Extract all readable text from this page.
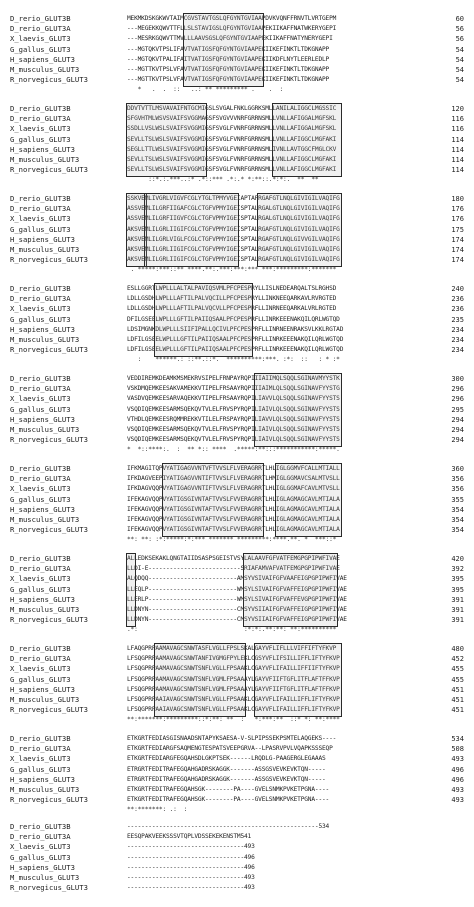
D_rerio_GLUT3B	MEKMKDSKGKWVTAIMCGVSTAVTGSLQFGYNTGVIAAPDVKVQNFFRNVTLVRTGEPM	60
D_rerio_GLUT3A	---MEGEKKQWVTTFLLSLSTAVIGSLQFGYNTGVIAAPEKIIKAFFNATWKERYGEPI	56
X_laevis_GLUT3	---MESRKGQWVTTMVLLLAAVSGSLQFGYNTGVIAAPEKIIKAFFNATYNERYGEPI	56
G_gallus_GLUT3	---MGTQKVTPSLIFAVTVATIGSFQFGYNTGVIAAPEKIIKEFINKTLTDKGNAPP	54
H_sapiens_GLUT3	---MGTQKVTPALIFAITVATIGSFQFGYNTGVIAAPEKIIKDFLNYTLEERLEDLP	54
M_musculus_GLUT3	---MGTTKVTPSLVFAVTVATIGSFQFGYNTGVIAAPEKIIKEFINKTLTDKGNAPP	54
R_norvegicus_GLUT3	---MGTTKVTPSLVFAVTVATIGSFQFGYNTGVIAAPEKIIKEFINKTLTDKGNAPP	54
*   .  .  ::   ..: ** ********* .    .  :
D_rerio_GLUT3B	DDVTVTTLMSVAVAIFNTGCMIGSLSVGALFNKLGGRKSMLLANILALIGGCLMGSSIC	120
D_rerio_GLUT3A	SFGVHTMLWSVSVAIFSVGGMAGSFSVGVVVNRFGRRNSMLLVNLLAFIGGALMGFSKL	116
X_laevis_GLUT3	SSDLLVSLWSLSVAIFSVGGMIGSFSVGLFVNRFGRRNSMLLVNLLAFIGGALMGFSKL	116
G_gallus_GLUT3	SEVLLTSLWSLSVAIFSVGGMIGSFSVGLFVNRFGRRNSMLLVNLLAFIGGCLMGFAKI	114
H_sapiens_GLUT3	SEGLLTTLWSLSVAIFSVGGMIGSFSVGLFVNRFGRRNSMLIVNLLAVTGGCFMGLCKV	114
M_musculus_GLUT3	SEVLLTSLWSLSVAIFSVGGMIGSFSVGLFVNRFGRRNSMLLVNLLAFIGGCLMGFAKI	114
R_norvegicus_GLUT3	SEVLLTSLWSLSVAIFSVGGMIGSFSVGLFVNRFGRRNSMLLVNLLAFIGGCLMGFAKI	114
::*.:.***..:* .*::*** .*:.* *:**::.*:*:.  **  **
D_rerio_GLUT3B	SSKVEMLIVGRLVIGVFCGLYTGLTPMYVGEIAPTAPRGAFGTLNQLGIVIGILVAQIFG	180
D_rerio_GLUT3A	ASSVEMLILGRFIIGAFCGLCTGFVPMYIGEISPTALRGALGTLNQLGIVIGILVAQIFG	176
X_laevis_GLUT3	ASSVEMLILGRFIIGVFCGLCTGFVPMYIGEISPTALRGALGTLNQLGIVIGILVAQIFG	176
G_gallus_GLUT3	AKSVEMLILGRLIIGIFCGLCTGFVPMYIGEISPTALRGAFGTLNQLGIVIGILVAQIFG	175
H_sapiens_GLUT3	AKSVEMLILGRLVIGLFCGLCTGFVPMYIGEISPTALRGAFGTLNQLGIVVGILVAQIFG	174
M_musculus_GLUT3	AKSVEMLILGRLIIGIFCGLCTGFVPMYIGEISPTALRGAFGTLNQLGIVIGILVAQIFG	174
R_norvegicus_GLUT3	AKSVEMLILGRLIIGIFCGLCTGFVPMYIGEISPTALRGAFGTLNQLGIVIGILVAQIFG	174
. *****:***::** ****.**:.***:***:*** ***:*********:*******
D_rerio_GLUT3B	ESLLGGRTLWPLLLALTALPAVIQSVMLPFCPESPRYLLISLNEDEARQALTSLRGHSD	240
D_rerio_GLUT3A	LDLLGSDHLWPLLLAFTILPALVQCILLPFCPESPRYLLINKNEEQARKAVLRVRGTED	236
X_laevis_GLUT3	LDLLGSDHLWPLLLAFTILPALVQCVLLPFCPESPRFLLINRNEEQARKALVRLRGTED	236
G_gallus_GLUT3	DFILGSEELWPLLLGFTILPAIIQSAALPFCPESPRFLLINRKEEENAKQILQRLWGTQD	235
H_sapiens_GLUT3	LDSIMGNKDLWPLLLSIIFIPALLQCIVLPFCPESPRFLLINRNEENRAKSVLKKLRGTAD	234
M_musculus_GLUT3	LDFILGSEELWPLLLGFTILPAIIQSAALPFCPESPRFLLINRKEEENAKQILQRLWGTQD	234
R_norvegicus_GLUT3	LDFILGSEELWPLLLGFTILPAIIQSAALPFCPESPRFLLINRKEEENAKQILQRLWGTQD	234
:    ******.: ::**.::*.  **********:***. :*:  ::   : * :*
D_rerio_GLUT3B	VEDDIREMKDEAMKMSMEKRVSIPELFRNPAYRQPIIIAIIMQLSQQLSGINAVMYYSTK	300
D_rerio_GLUT3A	VSKDMQEMKEESAKVAMEKKVTIPELFRSAAYRQPIIIAIMLQLSQQLSGINAVFYYSTG	296
X_laevis_GLUT3	VASDVQEMKEESARVAQEKKVTIPELFRSAAYRQPILIAVVLQLSQQLSGINAVFYYSTS	296
G_gallus_GLUT3	VSQDIQEMKEESARMSQEKQVTVLELFRVSPYRQPILIAIVLQLSQQLSGINAVFYYSTS	295
H_sapiens_GLUT3	VTHDLQEMKEESRQMMREKKVTILELFRSPAYRQPILIAVVLQLSQQLSGINAVFYYSTS	294
M_musculus_GLUT3	VSQDIQEMKEESARMSQEKQVTVLELFRVSPYRQPILIAIVLQLSQQLSGINAVFYYSTS	294
R_norvegicus_GLUT3	VSQDIQEMKEESARMSQEKQVTVLELFRVSPYRQPILIAIVLQLSQQLSGINAVFYYSTS	294
*  *::****:.  :  ** *:: ****  .*****:**:::***********:*****.
D_rerio_GLUT3B	IFKMAGITQPVYATIGAGVVNTVFTVVSLFLVERAGRRTLHLIGLGGMVFCALLMTIALL	360
D_rerio_GLUT3A	IFKDAGVEEPIYATIGAGVVNTIFTVVSLFLVERAGRRTLHMIGLGGMAVCSALMTVSLL	356
X_laevis_GLUT3	IFKDAGVQQPVYATIGAGVVNTIFTVVSLFLVERAGRRTLHLIGLGGMAFCAVLMTVSLL	356
G_gallus_GLUT3	IFEKAGVQQPVYATIGSGIVNTAFTVVSLFVVERAGRRTLHLIGLAGMAGCAVLMTIALA	355
H_sapiens_GLUT3	IFEKAGVQQPVYATIGSGIVNTAFTVVSLFVVERAGRRTLHLIGLAGMAGCAVLMTIALA	354
M_musculus_GLUT3	IFEKAGVQQPVYATIGSGIVNTAFTVVSLFVVERAGRRTLHLIGLAGMAGCAVLMTIALA	354
R_norvegicus_GLUT3	IFEKAGVQQPVYATIGSGIVNTAFTVVSLFVVERAGRRTLHLIGLAGMAGCAVLMTIALA	354
**: **: :*:*****:*:*** ******* *********:****.**. *  ***::*
D_rerio_GLUT3B	ALLEDKSEKAKLQNGTAIIDSASPSGEISTVSYLALAAVFGFVATFEMGPGPIPWFIVAE	420
D_rerio_GLUT3A	LLDI-E--------------------------SRIAFAMVAFVATFEMGPGPIPWFIVAE	392
X_laevis_GLUT3	ALQDQQ-------------------------AMSYVSIVAIFGFVAAFEIGPGPIPWFIVAE	395
G_gallus_GLUT3	LLEQLP-------------------------WMSYLSIVAIFGFVAFFEIGPGPIPWFIVAE	395
H_sapiens_GLUT3	LLERLP-------------------------WMSYLSIVAIFGFVAFFEVGPGPIPWFIVAE	391
M_musculus_GLUT3	LLDNYN-------------------------CMSYVSIIAIFGFVAFFEIGPGPIPWFIVAE	391
R_norvegicus_GLUT3	LLDNYN-------------------------CMSYVSIIAIFGFVAFFEIGPGPIPWFIVAE	391
.*:                              :*:*:.**:**: **:**********
D_rerio_GLUT3B	LFAQGPRPAAMAVAGCSNWTASFLVGLLFPSLSKALGAYVFLIFLLLVIFFIFTYFKVP	480
D_rerio_GLUT3A	LFSQGPRPAAMAVAGCSNWTANFIVGMGFPYLEKLCGSYVFLIFSILLIFFLIFTYFKVP	452
X_laevis_GLUT3	LFSQGPRPAAMAVAGCSNWTSNFLVGLLFPSAAKLCGAYVFLIFAILLIFFIIFTYFKVP	455
G_gallus_GLUT3	LFSQGPRPAAMAVAGCSNWTSNFLVGMLFPSAAAYLGAYVFIIFTGFLITFLAFTFFKVP	455
H_sapiens_GLUT3	LFSQGPRPAAMAVAGCSNWTSNFLVGMLFPSAAAYLGAYVFIIFTGFLITFLAFTFFKVP	451
M_musculus_GLUT3	LFSQGPRPAAIAVAGCSNWTSNFLVGLLFPSAAKLCGAYVFLIFAILLIFFLIFTYFKVP	451
R_norvegicus_GLUT3	LFSQGPRPAAIAVAGCSNWTSNFLVGLLFPSAAKLCGAYVFLIFAILLIFFLIFTYFKVP	451
**:*******:*********::*:**: **  :   *:***:**  ::* *: **:****
D_rerio_GLUT3B	ETKGRTFEDIASGISNAADSNTAPYKSAESA-V-SLPIPSSEKPSMTELAQGEKS----	534
D_rerio_GLUT3A	ETKGRTFEDIARGFSAQMENGTESPATSVEEPGRVA--LPASRVPVLVQAPKSSSEQP	508
X_laevis_GLUT3	ETKGRTFEDIARGFEGQAHSDLGKPTSEK------LRQDLG-PAAGERGLEGAAAS	493
G_gallus_GLUT3	ETRGRTFEDITRAFEGQAHGADRSKAGGK-------ASSGSVEVKEVKTQN-----	496
H_sapiens_GLUT3	ETRGRTFEDITRAFEGQAHGADRSKAGGK-------ASSGSVEVKEVKTQN-----	496
M_musculus_GLUT3	ETKGRTFEDITRAFEGQAHSGK--------PA----GVELSNMKPVKETPGNA----	493
R_norvegicus_GLUT3	ETKGRTFEDITRAFEGQAHSGK--------PA----GVELSNMKPVKETPGNA----	493
**:*******: .:  :
D_rerio_GLUT3B	------------------------------------------------------534
D_rerio_GLUT3A	EESQPAKVEEKSSSVTQPLVDSSEKEKENSTM541
X_laevis_GLUT3	---------------------------------493
G_gallus_GLUT3	---------------------------------496
H_sapiens_GLUT3	---------------------------------496
M_musculus_GLUT3	---------------------------------493
R_norvegicus_GLUT3	---------------------------------493
